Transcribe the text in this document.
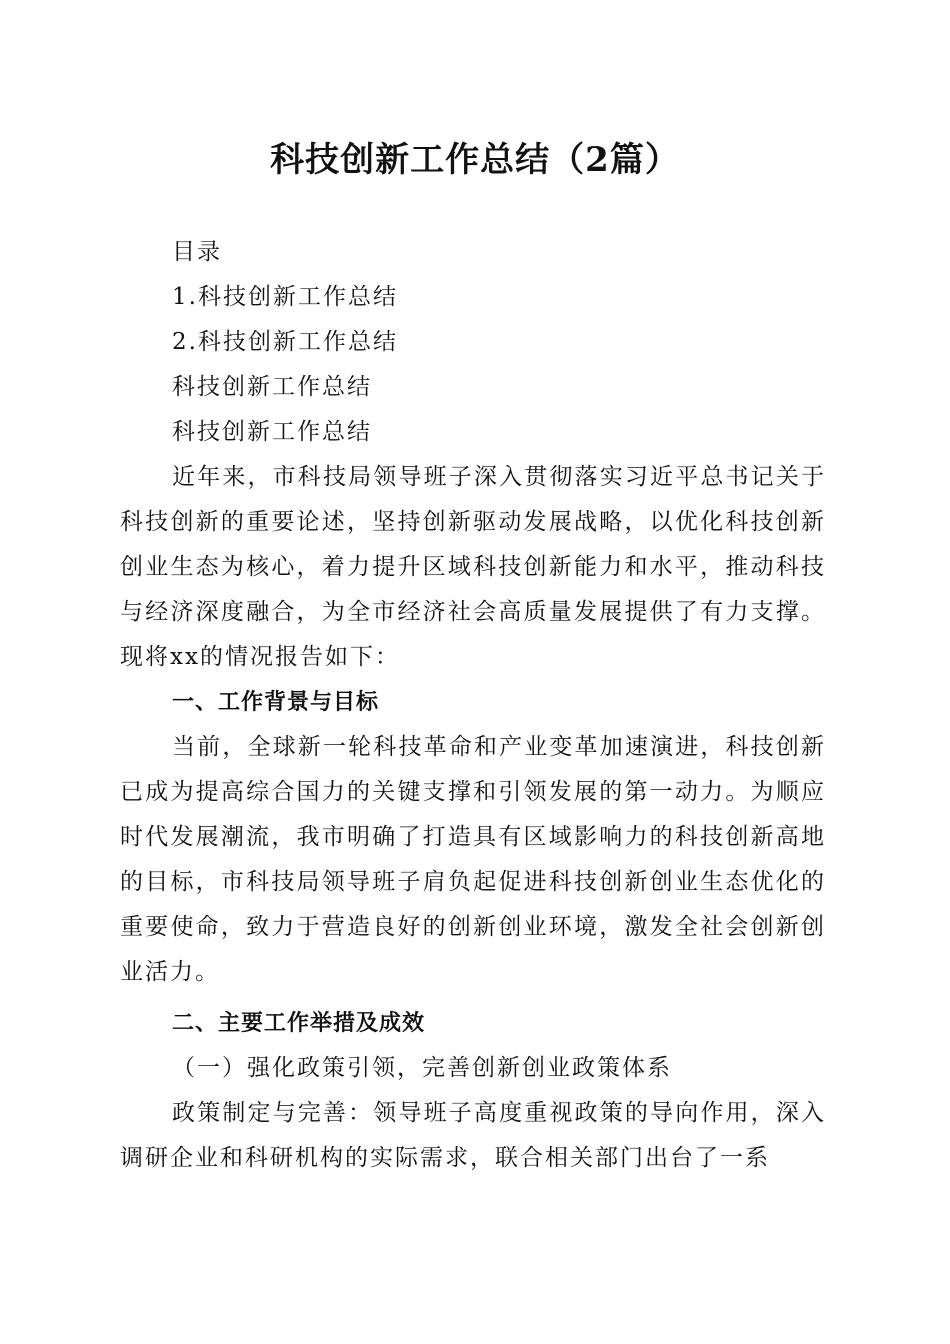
科技创新工作总结（2篇）

目录

1.科技创新工作总结

2.科技创新工作总结

科技创新工作总结

科技创新工作总结

近年来，市科技局领导班子深入贯彻落实习近平总书记关于科技创新的重要论述，坚持创新驱动发展战略，以优化科技创新创业生态为核心，着力提升区域科技创新能力和水平，推动科技与经济深度融合，为全市经济社会高质量发展提供了有力支撑。现将xx的情况报告如下：

一、工作背景与目标

当前，全球新一轮科技革命和产业变革加速演进，科技创新已成为提高综合国力的关键支撑和引领发展的第一动力。为顺应时代发展潮流，我市明确了打造具有区域影响力的科技创新高地的目标，市科技局领导班子肩负起促进科技创新创业生态优化的重要使命，致力于营造良好的创新创业环境，激发全社会创新创业活力。

二、主要工作举措及成效

（一）强化政策引领，完善创新创业政策体系

政策制定与完善：领导班子高度重视政策的导向作用，深入调研企业和科研机构的实际需求，联合相关部门出台了一系
